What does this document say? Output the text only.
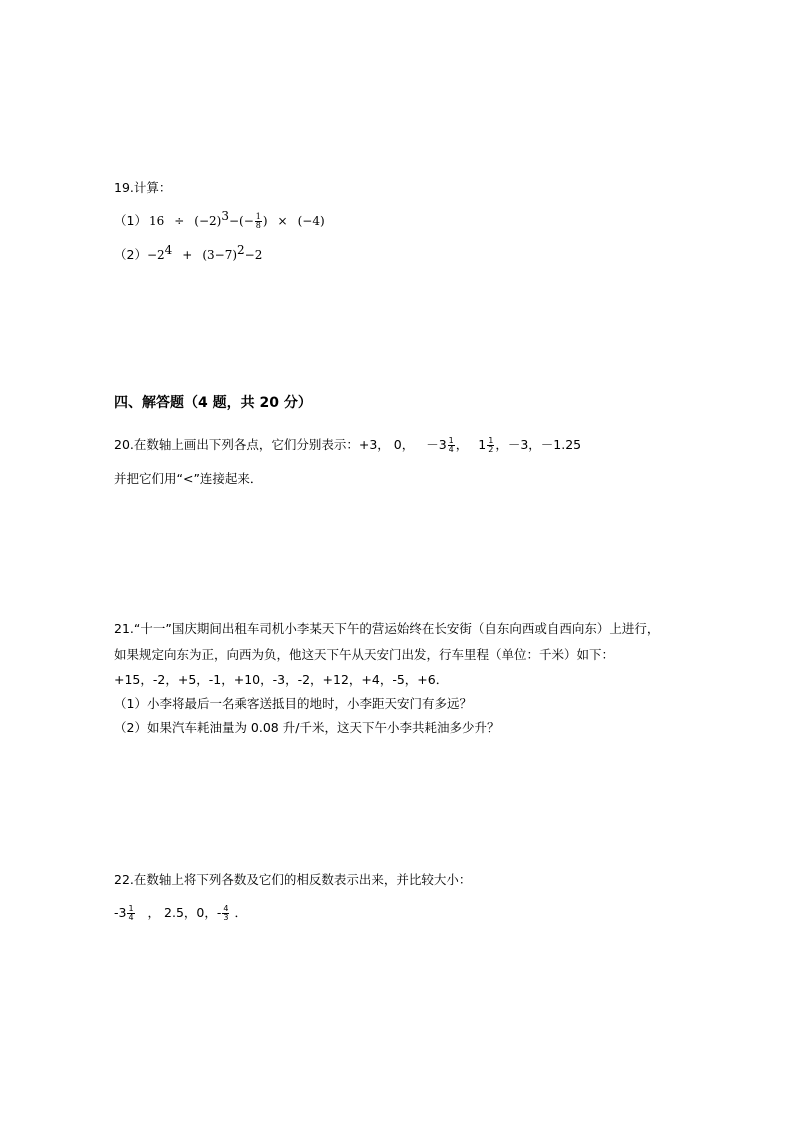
19.计算：
（1） $16 \div (-2)^3-(- \frac{1}{8}$ ) × (−4)
$(2)-2^4 + (3-7)^2-2$
四、解答题（4 题，共 20 分）
20.在数轴上画出下列各点，它们分别表示：+3， 0， $-3 \frac{1}{4}$ ， $1 \frac{1}{2}$ ，－3，－1.25
并把它们用“<”连接起来．
21.“十一”国庆期间出租车司机小李某天下午的营运始终在长安街（自东向西或自西向东）上进行，
如果规定向东为正，向西为负，他这天下午从天安门出发，行车里程（单位：千米）如下：
+15，-2，+5，-1，+10，-3，-2，+12，+4，-5，+6．
（1）小李将最后一名乘客送抵目的地时，小李距天安门有多远？
（2）如果汽车耗油量为 0.08 升/千米，这天下午小李共耗油多少升？
22.在数轴上将下列各数及它们的相反数表示出来，并比较大小：
$-3 \frac{1}{4}$ ， 2.5，0，- $\frac{4}{3}$ ．
